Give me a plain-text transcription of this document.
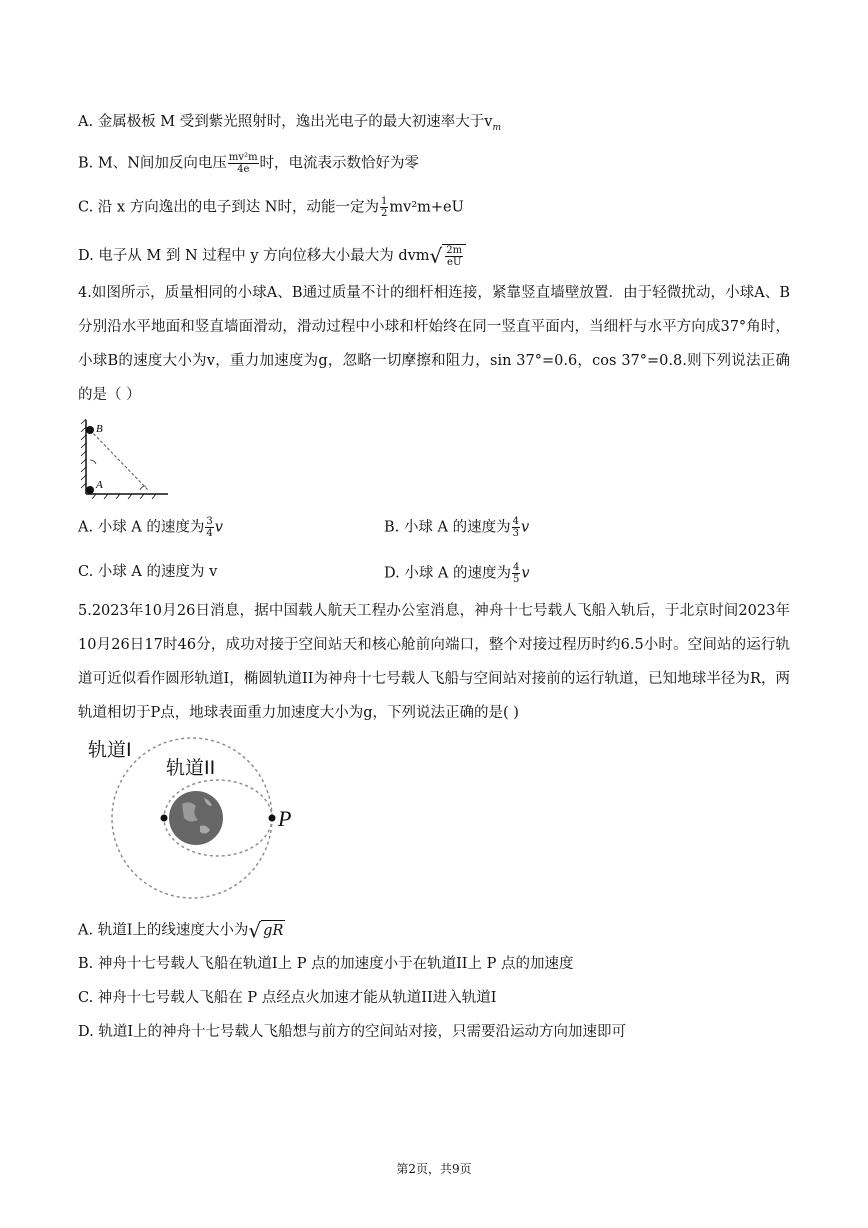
A. 金属极板 M 受到紫光照射时，逸出光电子的最大初速率大于$v_m$
B. M、N间加反向电压 $\frac{\text{mv²m}}{4e}$ 时，电流表示数恰好为零
C. 沿 x 方向逸出的电子到达 N时，动能一定为 $\frac{1}{2} mv^2m+eU$
D. 电子从 M 到 N 过程中 y 方向位移大小最大为 $dvm√ \frac{2m}{eU}$
4.如图所示，质量相同的小球A、B通过质量不计的细杆相连接，紧靠竖直墙壁放置．由于轻微扰动，小球A、B分别沿水平地面和竖直墙面滑动，滑动过程中小球和杆始终在同一竖直平面内，当细杆与水平方向成37°角时，小球B的速度大小为v，重力加速度为g，忽略一切摩擦和阻力，sin 37°=0.6，cos 37°=0.8.则下列说法正确的是（ ）
B
A
A. 小球 A 的速度为 $\frac{3}{4}$ v	B. 小球 A 的速度为 $\frac{4}{3}$ v
C. 小球 A 的速度为 v	D. 小球 A 的速度为 $\frac{4}{5}$ v
5.2023年10月26日消息，据中国载人航天工程办公室消息，神舟十七号载人飞船入轨后，于北京时间2023年10月26日17时46分，成功对接于空间站天和核心舱前向端口，整个对接过程历时约6.5小时。空间站的运行轨道可近似看作圆形轨道I，椭圆轨道II为神舟十七号载人飞船与空间站对接前的运行轨道，已知地球半径为R，两轨道相切于P点，地球表面重力加速度大小为g，下列说法正确的是( )
轨道I
轨道II
P
A. 轨道I上的线速度大小为√ gR
B. 神舟十七号载人飞船在轨道I上 P 点的加速度小于在轨道II上 P 点的加速度
C. 神舟十七号载人飞船在 P 点经点火加速才能从轨道II进入轨道I
D. 轨道I上的神舟十七号载人飞船想与前方的空间站对接，只需要沿运动方向加速即可
第2页，共9页
